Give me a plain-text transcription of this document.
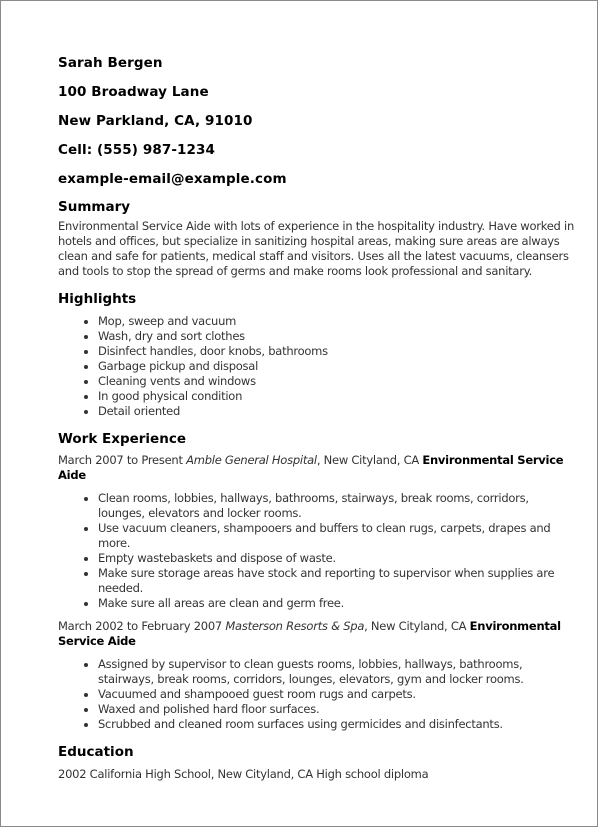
Sarah Bergen
100 Broadway Lane
New Parkland, CA, 91010
Cell: (555) 987-1234
example-email@example.com
Summary

Environmental Service Aide with lots of experience in the hospitality industry. Have worked in hotels and offices, but specialize in sanitizing hospital areas, making sure areas are always clean and safe for patients, medical staff and visitors. Uses all the latest vacuums, cleansers and tools to stop the spread of germs and make rooms look professional and sanitary.

Highlights
• Mop, sweep and vacuum
• Wash, dry and sort clothes
• Disinfect handles, door knobs, bathrooms
• Garbage pickup and disposal
• Cleaning vents and windows
• In good physical condition
• Detail oriented
Work Experience
March 2007 to Present Amble General Hospital, New Cityland, CA Environmental Service Aide
• Clean rooms, lobbies, hallways, bathrooms, stairways, break rooms, corridors, lounges, elevators and locker rooms.
• Use vacuum cleaners, shampooers and buffers to clean rugs, carpets, drapes and more.
• Empty wastebaskets and dispose of waste.
• Make sure storage areas have stock and reporting to supervisor when supplies are needed.
• Make sure all areas are clean and germ free.
March 2002 to February 2007 Masterson Resorts & Spa, New Cityland, CA Environmental Service Aide
• Assigned by supervisor to clean guests rooms, lobbies, hallways, bathrooms, stairways, break rooms, corridors, lounges, elevators, gym and locker rooms.
• Vacuumed and shampooed guest room rugs and carpets.
• Waxed and polished hard floor surfaces.
• Scrubbed and cleaned room surfaces using germicides and disinfectants.
Education

2002 California High School, New Cityland, CA High school diploma
